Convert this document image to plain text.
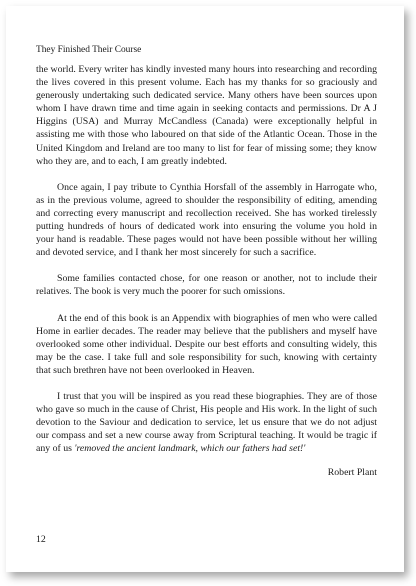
They Finished Their Course

the world. Every writer has kindly invested many hours into researching and recording the lives covered in this present volume. Each has my thanks for so graciously and generously undertaking such dedicated service. Many others have been sources upon whom I have drawn time and time again in seeking contacts and permissions. Dr A J Higgins (USA) and Murray McCandless (Canada) were exceptionally helpful in assisting me with those who laboured on that side of the Atlantic Ocean. Those in the United Kingdom and Ireland are too many to list for fear of missing some; they know who they are, and to each, I am greatly indebted.

Once again, I pay tribute to Cynthia Horsfall of the assembly in Harrogate who, as in the previous volume, agreed to shoulder the responsibility of editing, amending and correcting every manuscript and recollection received. She has worked tirelessly putting hundreds of hours of dedicated work into ensuring the volume you hold in your hand is readable. These pages would not have been possible without her willing and devoted service, and I thank her most sincerely for such a sacrifice.

Some families contacted chose, for one reason or another, not to include their relatives. The book is very much the poorer for such omissions.

At the end of this book is an Appendix with biographies of men who were called Home in earlier decades. The reader may believe that the publishers and myself have overlooked some other individual. Despite our best efforts and consulting widely, this may be the case. I take full and sole responsibility for such, knowing with certainty that such brethren have not been overlooked in Heaven.

I trust that you will be inspired as you read these biographies. They are of those who gave so much in the cause of Christ, His people and His work. In the light of such devotion to the Saviour and dedication to service, let us ensure that we do not adjust our compass and set a new course away from Scriptural teaching. It would be tragic if any of us 'removed the ancient landmark, which our fathers had set!'

Robert Plant
12
